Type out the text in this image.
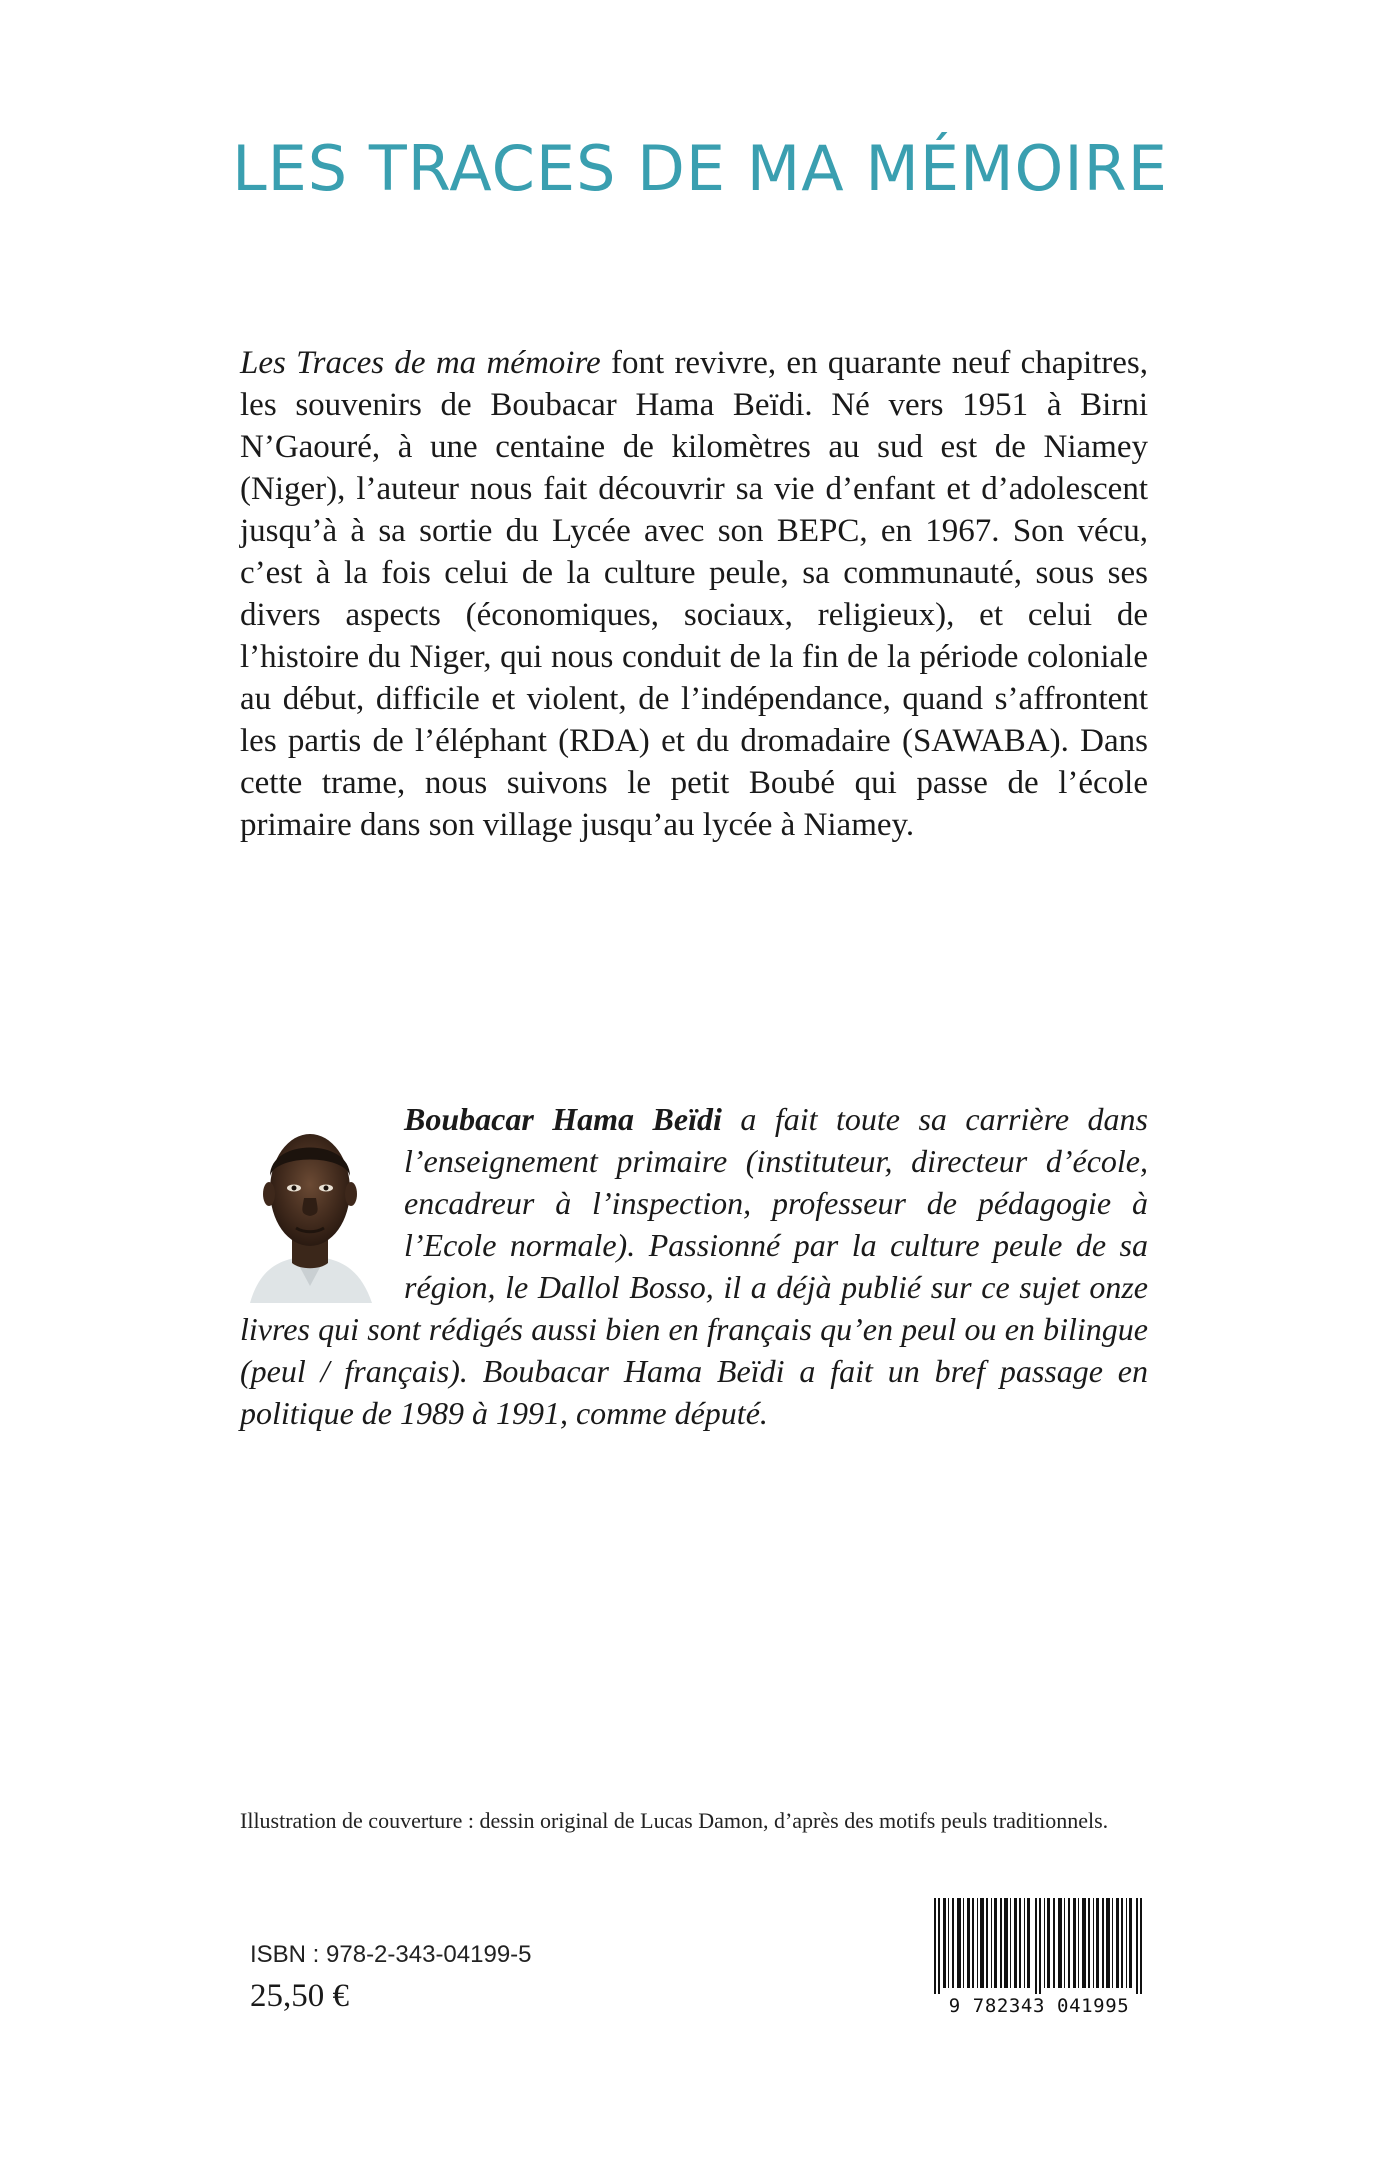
LES TRACES DE MA MÉMOIRE

Les Traces de ma mémoire font revivre, en quarante neuf chapitres, les souvenirs de Boubacar Hama Beïdi. Né vers 1951 à Birni N’Gaouré, à une centaine de kilomètres au sud est de Niamey (Niger), l’auteur nous fait découvrir sa vie d’enfant et d’adolescent jusqu’à à sa sortie du Lycée avec son BEPC, en 1967. Son vécu, c’est à la fois celui de la culture peule, sa communauté, sous ses divers aspects (économiques, sociaux, religieux), et celui de l’histoire du Niger, qui nous conduit de la fin de la période coloniale au début, difficile et violent, de l’indépendance, quand s’affrontent les partis de l’éléphant (RDA) et du dromadaire (SAWABA). Dans cette trame, nous suivons le petit Boubé qui passe de l’école primaire dans son village jusqu’au lycée à Niamey.

Boubacar Hama Beïdi a fait toute sa carrière dans l’enseignement primaire (instituteur, directeur d’école, encadreur à l’inspection, professeur de pédagogie à l’Ecole normale). Passionné par la culture peule de sa région, le Dallol Bosso, il a déjà publié sur ce sujet onze livres qui sont rédigés aussi bien en français qu’en peul ou en bilingue (peul / français). Boubacar Hama Beïdi a fait un bref passage en politique de 1989 à 1991, comme député.

Illustration de couverture : dessin original de Lucas Damon, d’après des motifs peuls traditionnels.

ISBN : 978-2-343-04199-5

25,50 €	9 782343 041995
